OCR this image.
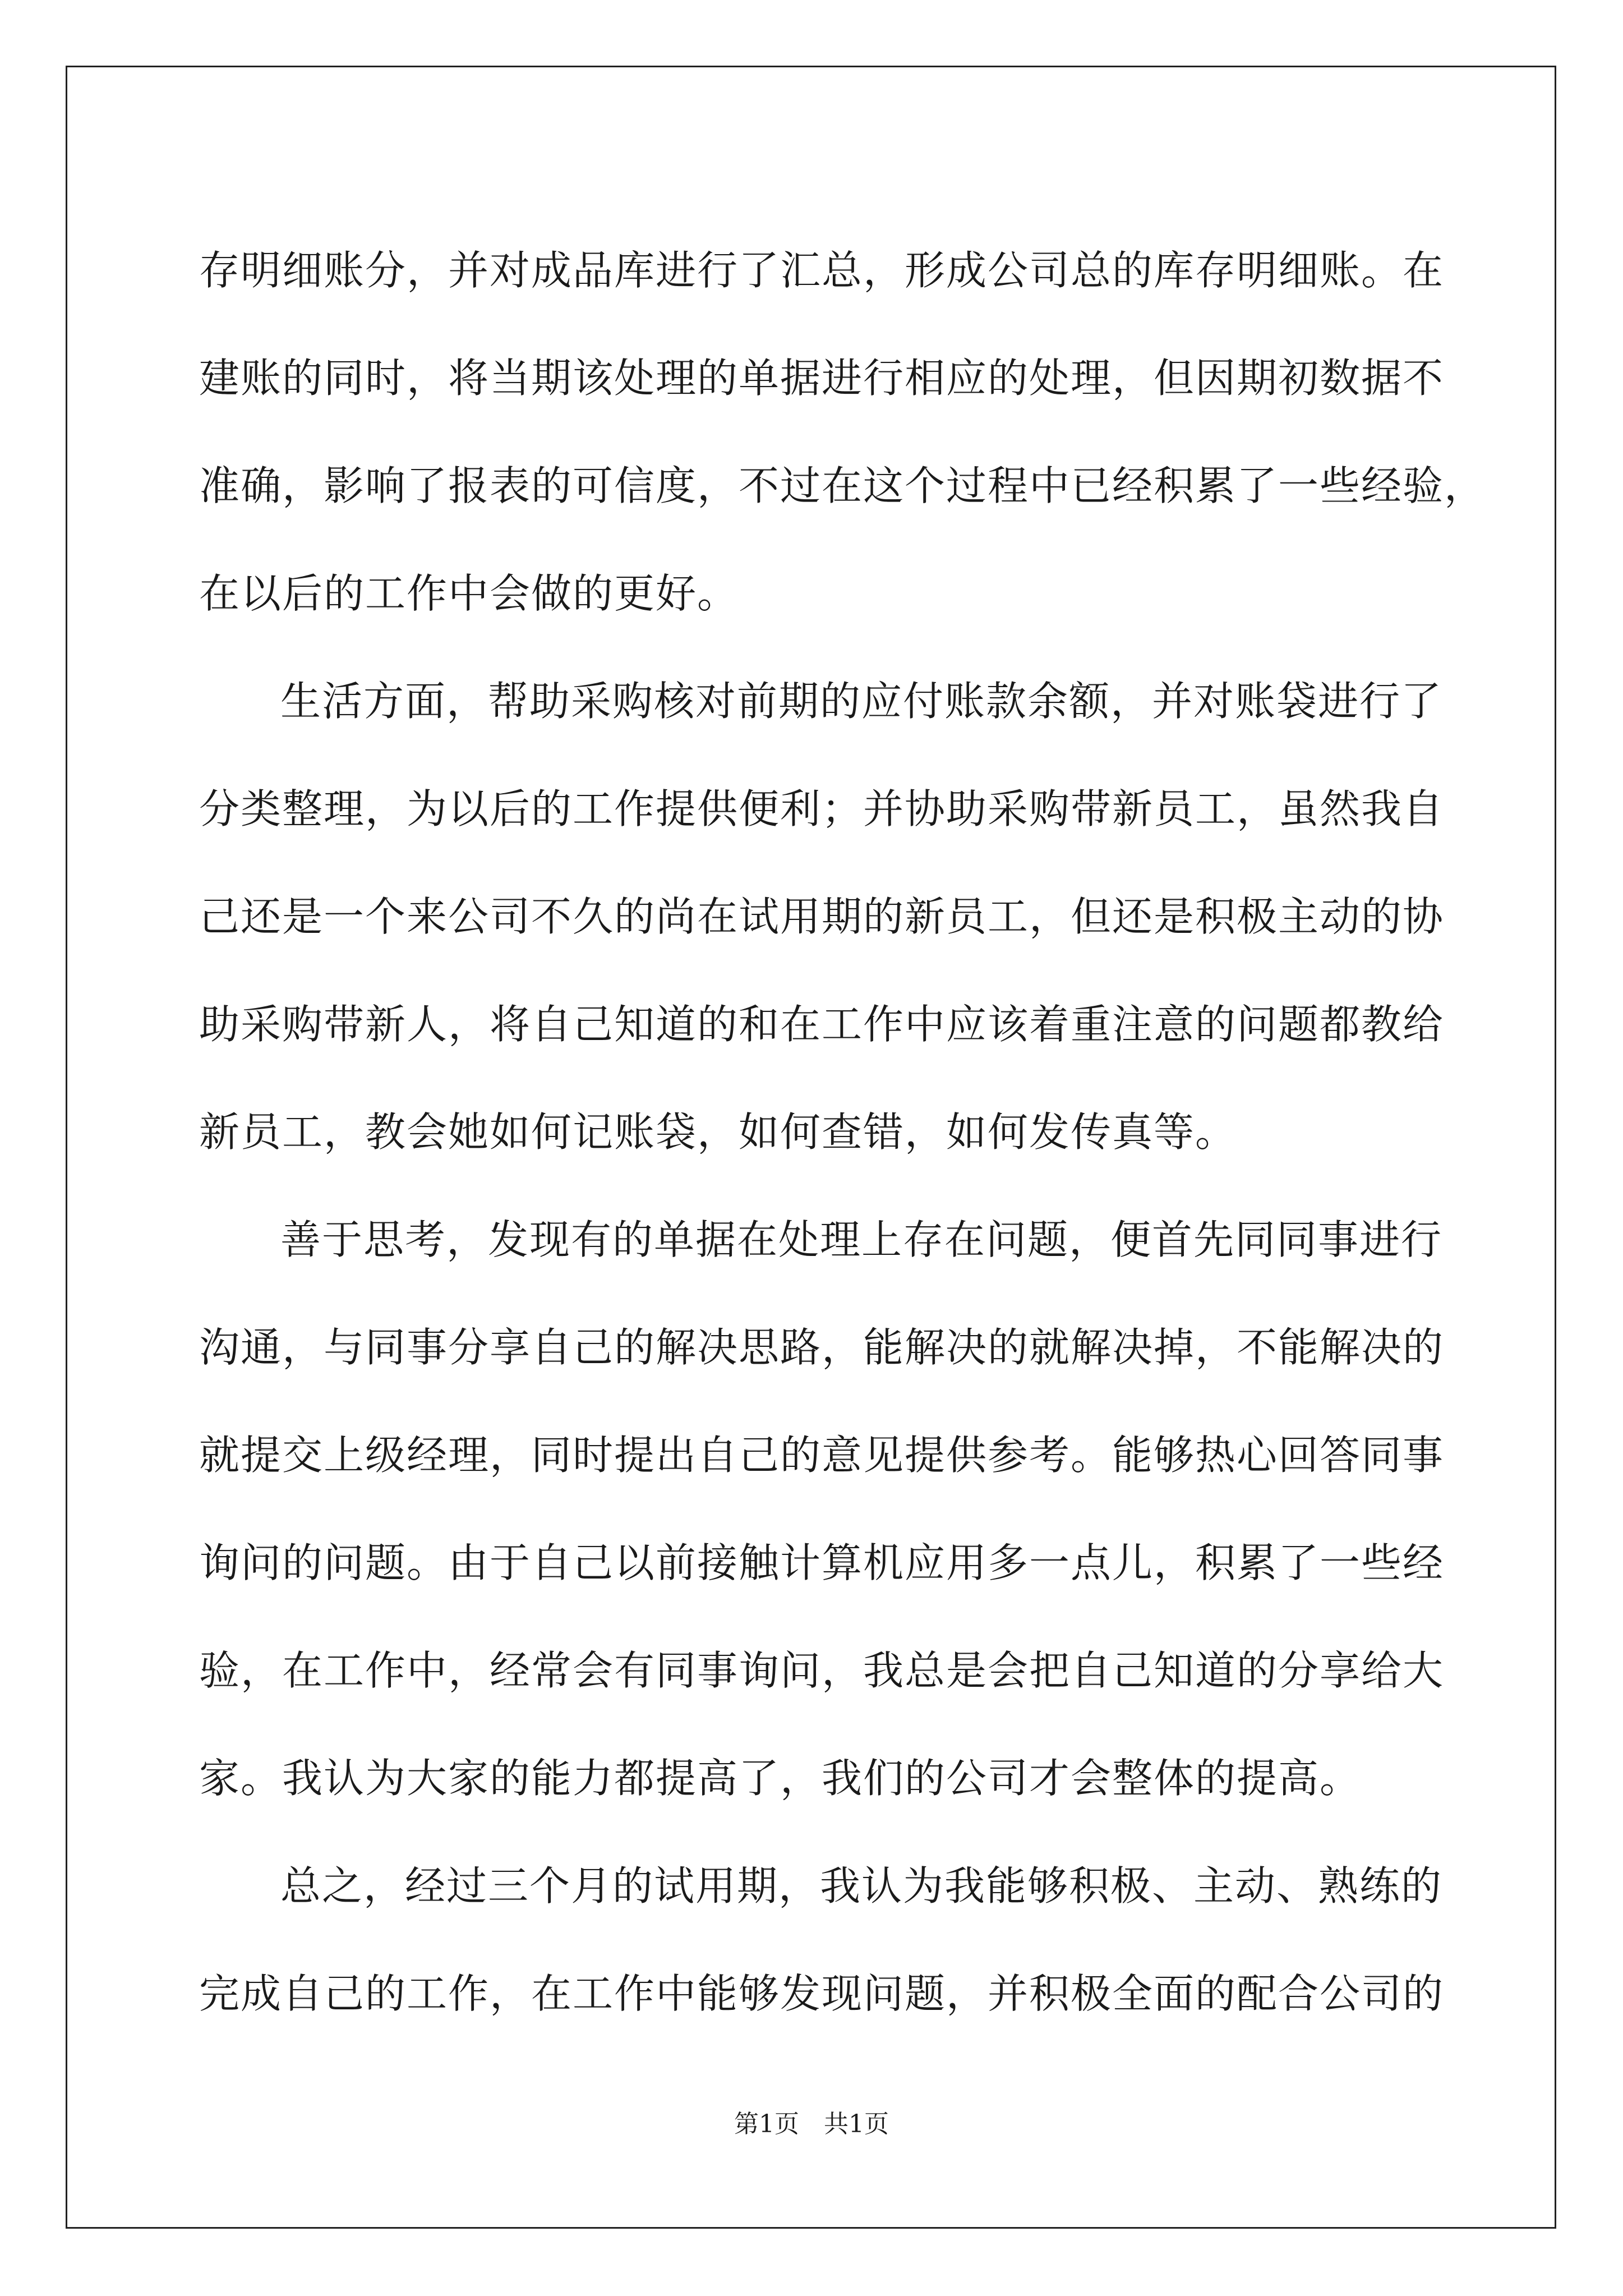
存明细账分，并对成品库进行了汇总，形成公司总的库存明细账。在
建账的同时，将当期该处理的单据进行相应的处理，但因期初数据不
准确，影响了报表的可信度，不过在这个过程中已经积累了一些经验，
在以后的工作中会做的更好。
生活方面，帮助采购核对前期的应付账款余额，并对账袋进行了
分类整理，为以后的工作提供便利；并协助采购带新员工，虽然我自
己还是一个来公司不久的尚在试用期的新员工，但还是积极主动的协
助采购带新人，将自己知道的和在工作中应该着重注意的问题都教给
新员工，教会她如何记账袋，如何查错，如何发传真等。
善于思考，发现有的单据在处理上存在问题，便首先同同事进行
沟通，与同事分享自己的解决思路，能解决的就解决掉，不能解决的
就提交上级经理，同时提出自己的意见提供参考。能够热心回答同事
询问的问题。由于自己以前接触计算机应用多一点儿，积累了一些经
验，在工作中，经常会有同事询问，我总是会把自己知道的分享给大
家。我认为大家的能力都提高了，我们的公司才会整体的提高。
总之，经过三个月的试用期，我认为我能够积极、主动、熟练的
完成自己的工作，在工作中能够发现问题，并积极全面的配合公司的
第1页　共1页
